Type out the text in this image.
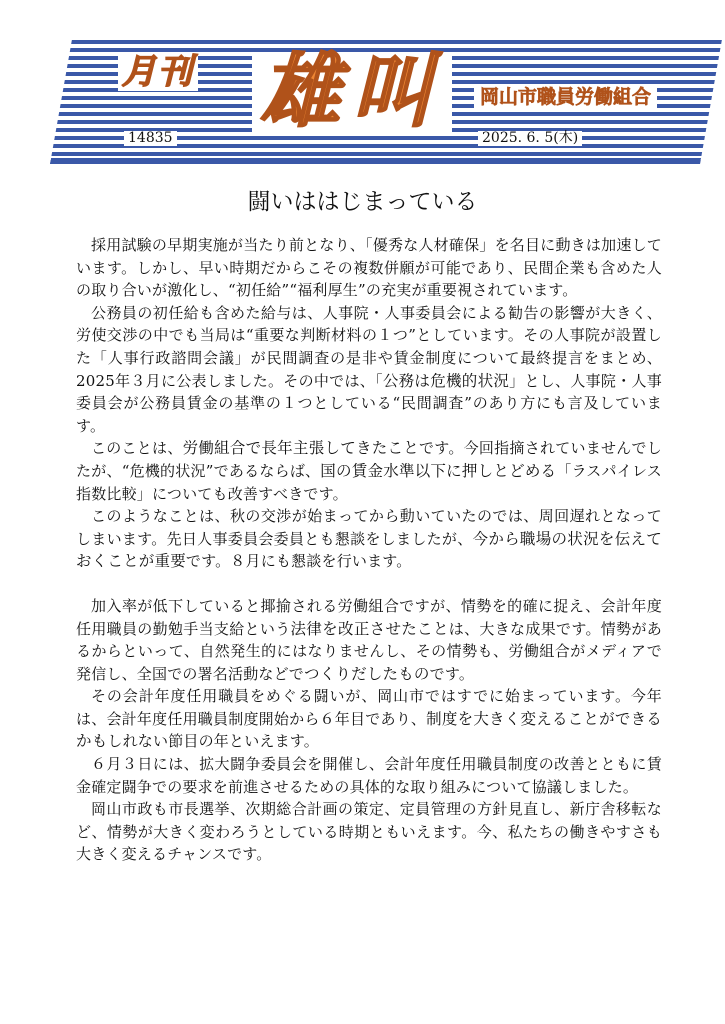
月刊 雄叫	岡山市職員労働組合
14835	2025. 6. 5(木)
闘いははじまっている

採用試験の早期実施が当たり前となり、「優秀な人材確保」を名目に動きは加速しています。しかし、早い時期だからこその複数併願が可能であり、民間企業も含めた人の取り合いが激化し、“初任給”“福利厚生”の充実が重要視されています。

公務員の初任給も含めた給与は、人事院・人事委員会による勧告の影響が大きく、労使交渉の中でも当局は“重要な判断材料の１つ”としています。その人事院が設置した「人事行政諮問会議」が民間調査の是非や賃金制度について最終提言をまとめ、2025年３月に公表しました。その中では、「公務は危機的状況」とし、人事院・人事委員会が公務員賃金の基準の１つとしている“民間調査”のあり方にも言及しています。

このことは、労働組合で長年主張してきたことです。今回指摘されていませんでしたが、“危機的状況”であるならば、国の賃金水準以下に押しとどめる「ラスパイレス指数比較」についても改善すべきです。

このようなことは、秋の交渉が始まってから動いていたのでは、周回遅れとなってしまいます。先日人事委員会委員とも懇談をしましたが、今から職場の状況を伝えておくことが重要です。８月にも懇談を行います。

加入率が低下していると揶揄される労働組合ですが、情勢を的確に捉え、会計年度任用職員の勤勉手当支給という法律を改正させたことは、大きな成果です。情勢があるからといって、自然発生的にはなりませんし、その情勢も、労働組合がメディアで発信し、全国での署名活動などでつくりだしたものです。

その会計年度任用職員をめぐる闘いが、岡山市ではすでに始まっています。今年は、会計年度任用職員制度開始から６年目であり、制度を大きく変えることができるかもしれない節目の年といえます。

６月３日には、拡大闘争委員会を開催し、会計年度任用職員制度の改善とともに賃金確定闘争での要求を前進させるための具体的な取り組みについて協議しました。

岡山市政も市長選挙、次期総合計画の策定、定員管理の方針見直し、新庁舎移転など、情勢が大きく変わろうとしている時期ともいえます。今、私たちの働きやすさも大きく変えるチャンスです。
